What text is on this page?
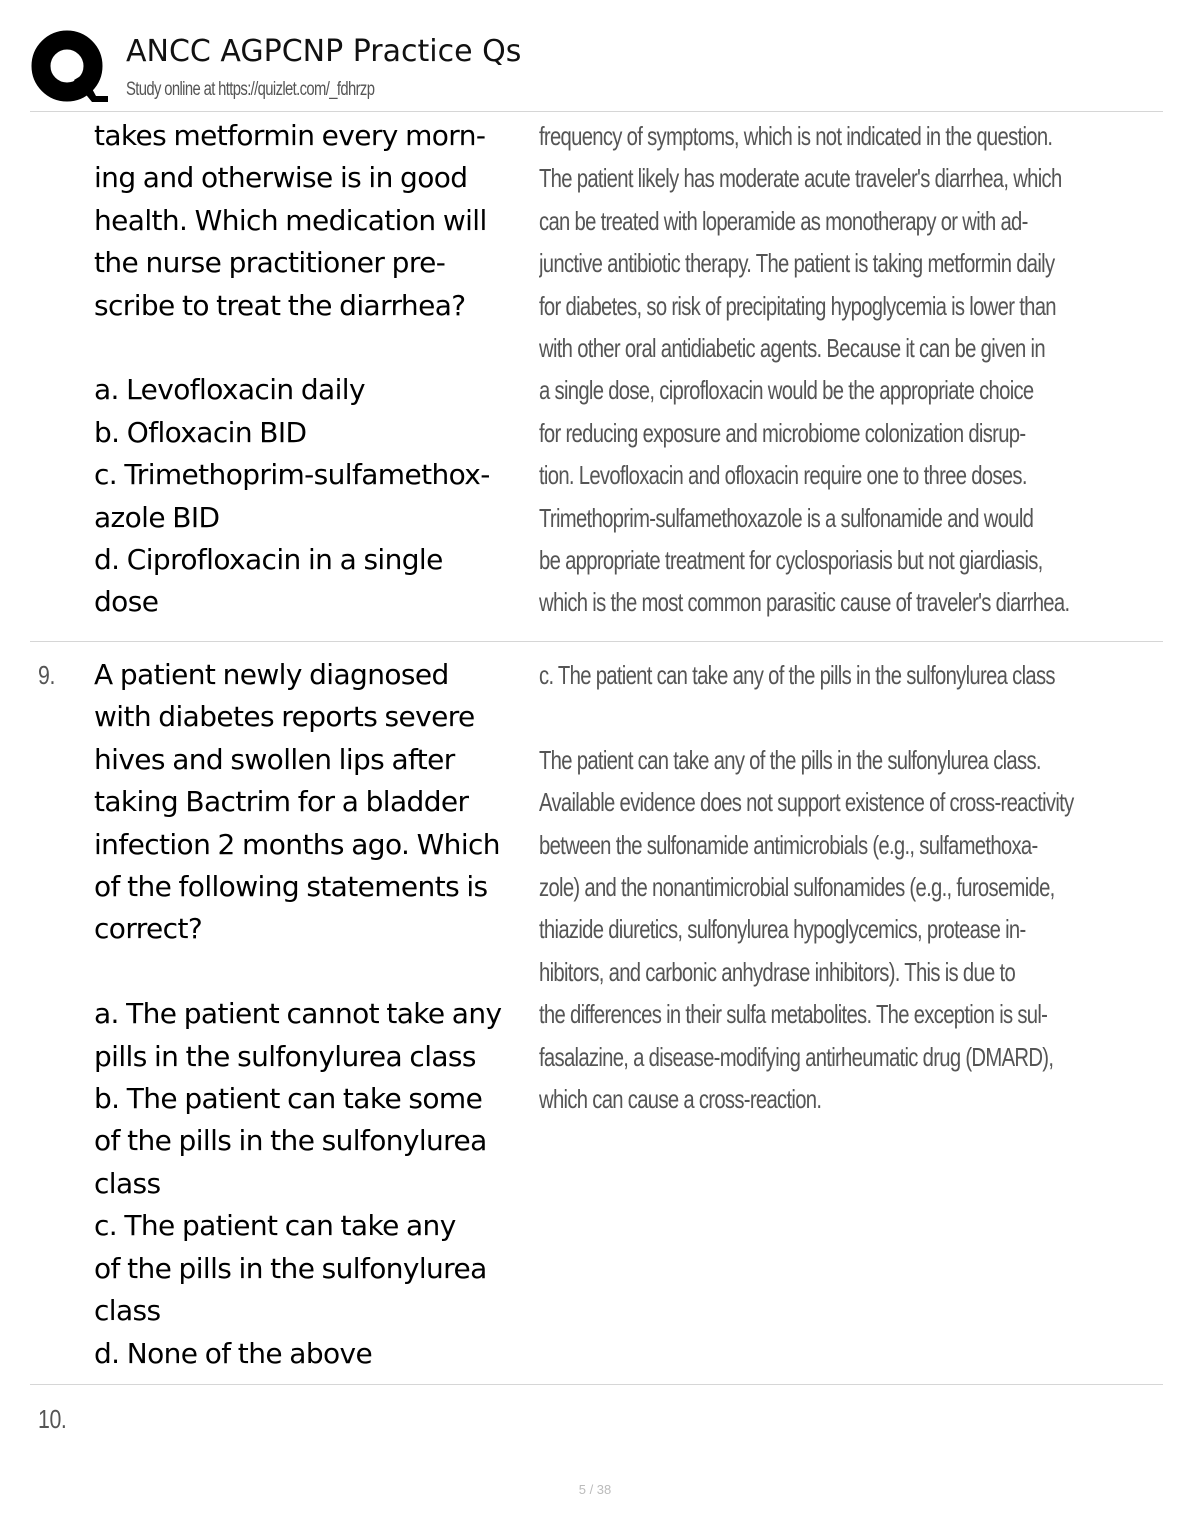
ANCC AGPCNP Practice Qs
Study online at https://quizlet.com/_fdhrzp
takes metformin every morn-
ing and otherwise is in good
health. Which medication will
the nurse practitioner pre-
scribe to treat the diarrhea?

a. Levofloxacin daily
b. Ofloxacin BID
c. Trimethoprim-sulfamethox-
azole BID
d. Ciprofloxacin in a single
dose
frequency of symptoms, which is not indicated in the question.
The patient likely has moderate acute traveler's diarrhea, which
can be treated with loperamide as monotherapy or with ad-
junctive antibiotic therapy. The patient is taking metformin daily
for diabetes, so risk of precipitating hypoglycemia is lower than
with other oral antidiabetic agents. Because it can be given in
a single dose, ciprofloxacin would be the appropriate choice
for reducing exposure and microbiome colonization disrup-
tion. Levofloxacin and ofloxacin require one to three doses.
Trimethoprim-sulfamethoxazole is a sulfonamide and would
be appropriate treatment for cyclosporiasis but not giardiasis,
which is the most common parasitic cause of traveler's diarrhea.
9. A patient newly diagnosed
with diabetes reports severe
hives and swollen lips after
taking Bactrim for a bladder
infection 2 months ago. Which
of the following statements is
correct?

a. The patient cannot take any
pills in the sulfonylurea class
b. The patient can take some
of the pills in the sulfonylurea
class
c. The patient can take any
of the pills in the sulfonylurea
class
d. None of the above
c. The patient can take any of the pills in the sulfonylurea class

The patient can take any of the pills in the sulfonylurea class.
Available evidence does not support existence of cross-reactivity
between the sulfonamide antimicrobials (e.g., sulfamethoxa-
zole) and the nonantimicrobial sulfonamides (e.g., furosemide,
thiazide diuretics, sulfonylurea hypoglycemics, protease in-
hibitors, and carbonic anhydrase inhibitors). This is due to
the differences in their sulfa metabolites. The exception is sul-
fasalazine, a disease-modifying antirheumatic drug (DMARD),
which can cause a cross-reaction.
10.
5 / 38
